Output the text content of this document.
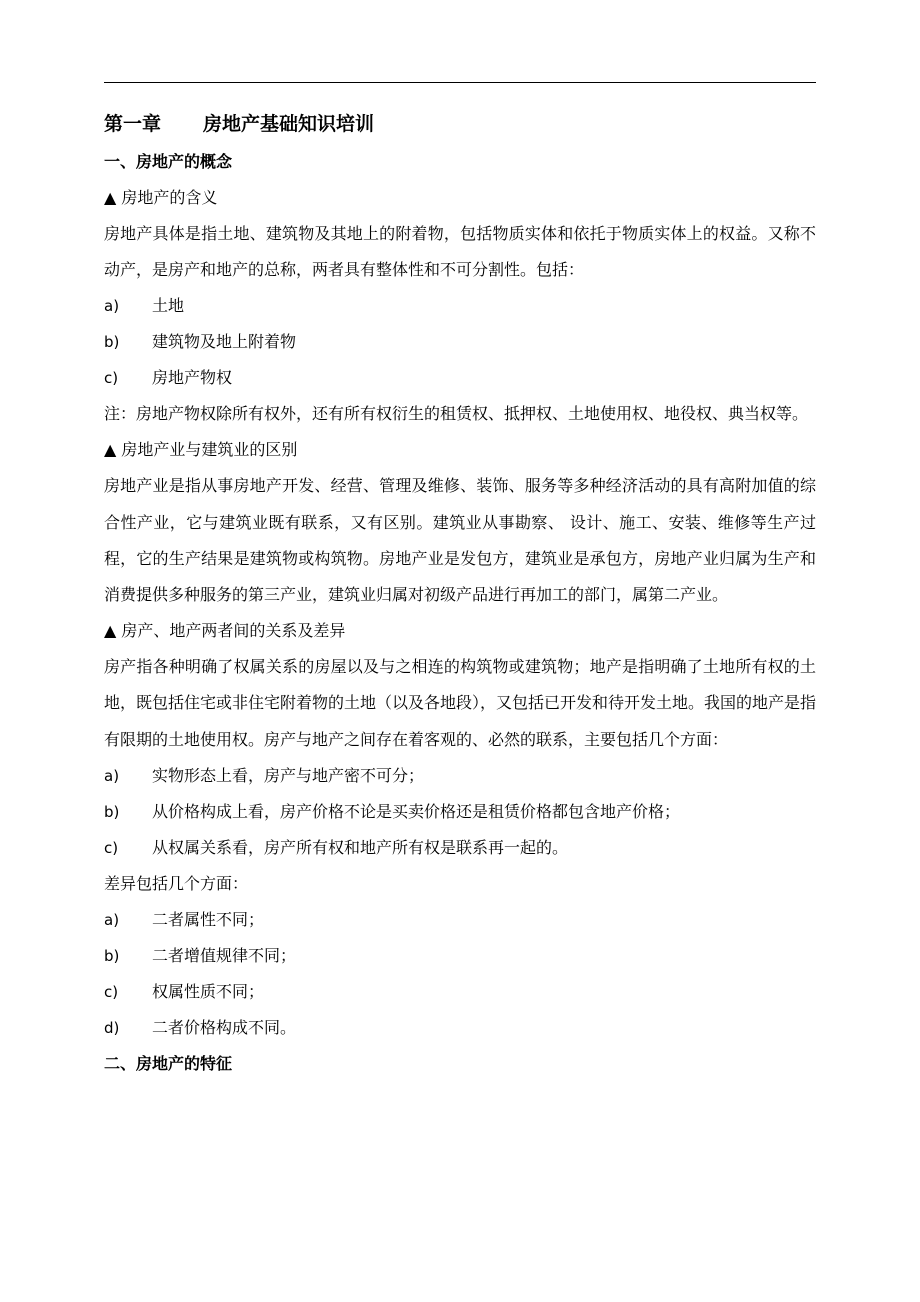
第一章 房地产基础知识培训
一、房地产的概念
▲ 房地产的含义
房地产具体是指土地、建筑物及其地上的附着物，包括物质实体和依托于物质实体上的权益。又称不动产，是房产和地产的总称，两者具有整体性和不可分割性。包括：
a) 土地
b) 建筑物及地上附着物
c) 房地产物权
注：房地产物权除所有权外，还有所有权衍生的租赁权、抵押权、土地使用权、地役权、典当权等。
▲ 房地产业与建筑业的区别
房地产业是指从事房地产开发、经营、管理及维修、装饰、服务等多种经济活动的具有高附加值的综合性产业，它与建筑业既有联系，又有区别。建筑业从事勘察、 设计、施工、安装、维修等生产过程，它的生产结果是建筑物或构筑物。房地产业是发包方，建筑业是承包方，房地产业归属为生产和消费提供多种服务的第三产业，建筑业归属对初级产品进行再加工的部门，属第二产业。
▲ 房产、地产两者间的关系及差异
房产指各种明确了权属关系的房屋以及与之相连的构筑物或建筑物；地产是指明确了土地所有权的土地，既包括住宅或非住宅附着物的土地（以及各地段），又包括已开发和待开发土地。我国的地产是指有限期的土地使用权。房产与地产之间存在着客观的、必然的联系，主要包括几个方面：
a) 实物形态上看，房产与地产密不可分；
b) 从价格构成上看，房产价格不论是买卖价格还是租赁价格都包含地产价格；
c) 从权属关系看，房产所有权和地产所有权是联系再一起的。
差异包括几个方面：
a) 二者属性不同；
b) 二者增值规律不同；
c) 权属性质不同；
d) 二者价格构成不同。
二、房地产的特征
